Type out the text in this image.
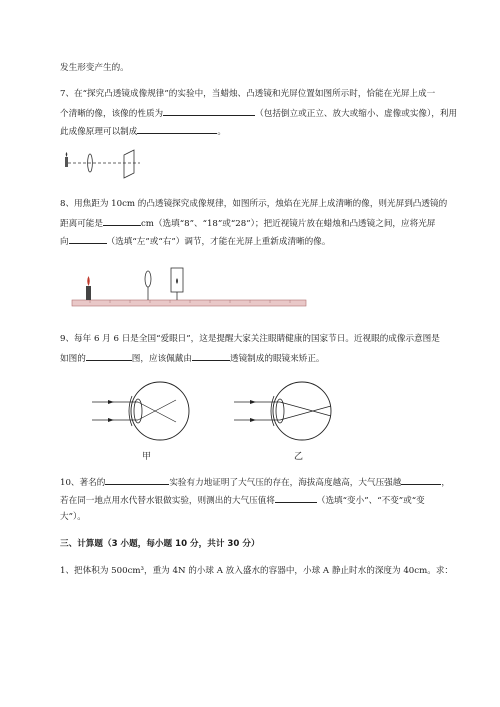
发生形变产生的。
7、在“探究凸透镜成像规律”的实验中，当蜡烛、凸透镜和光屏位置如图所示时，恰能在光屏上成一
个清晰的像，该像的性质为	（包括倒立或正立、放大或缩小、虚像或实像），利用
此成像原理可以制成	。
8、用焦距为 10cm 的凸透镜探究成像规律，如图所示，烛焰在光屏上成清晰的像，则光屏到凸透镜的
距离可能是	cm（选填“8”、“18”或“28”）；把近视镜片放在蜡烛和凸透镜之间，应将光屏
向	（选填“左”或“右”）调节，才能在光屏上重新成清晰的像。
9、每年 6 月 6 日是全国“爱眼日”，这是提醒大家关注眼睛健康的国家节日。近视眼的成像示意图是
如图的	图，应该佩戴由	透镜制成的眼镜来矫正。
甲	乙
10、著名的	实验有力地证明了大气压的存在，海拔高度越高，大气压强越	，
若在同一地点用水代替水银做实验，则测出的大气压值将	（选填“变小”、“不变”或“变
大”）。
三、计算题（3 小题，每小题 10 分，共计 30 分）
1、把体积为 500cm³，重为 4N 的小球 A 放入盛水的容器中，小球 A 静止时水的深度为 40cm。求：
